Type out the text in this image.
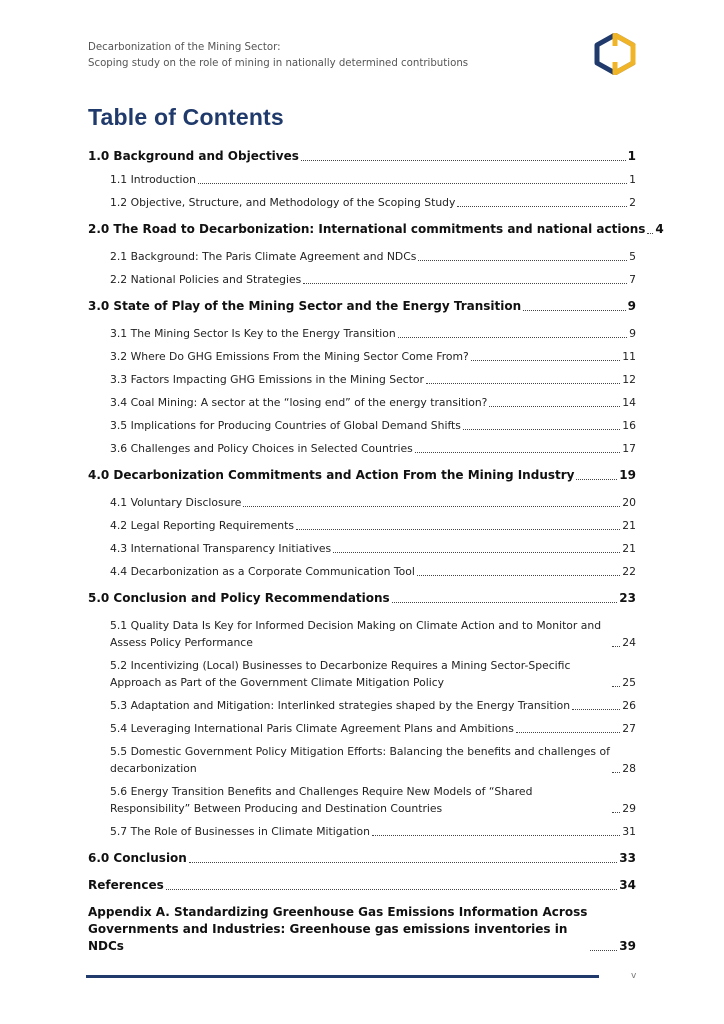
Decarbonization of the Mining Sector:
Scoping study on the role of mining in nationally determined contributions
Table of Contents
1.0 Background and Objectives	1
1.1 Introduction	1
1.2 Objective, Structure, and Methodology of the Scoping Study	2
2.0 The Road to Decarbonization: International commitments and national actions 4
2.1 Background: The Paris Climate Agreement and NDCs	5
2.2 National Policies and Strategies	7
3.0 State of Play of the Mining Sector and the Energy Transition	9
3.1 The Mining Sector Is Key to the Energy Transition	9
3.2 Where Do GHG Emissions From the Mining Sector Come From?	11
3.3 Factors Impacting GHG Emissions in the Mining Sector	12
3.4 Coal Mining: A sector at the “losing end” of the energy transition?	14
3.5 Implications for Producing Countries of Global Demand Shifts	16
3.6 Challenges and Policy Choices in Selected Countries	17
4.0 Decarbonization Commitments and Action From the Mining Industry	19
4.1 Voluntary Disclosure	20
4.2 Legal Reporting Requirements	21
4.3 International Transparency Initiatives	21
4.4 Decarbonization as a Corporate Communication Tool	22
5.0 Conclusion and Policy Recommendations	23
5.1 Quality Data Is Key for Informed Decision Making on Climate Action and to Monitor and Assess Policy Performance	24
5.2 Incentivizing (Local) Businesses to Decarbonize Requires a Mining Sector-Specific Approach as Part of the Government Climate Mitigation Policy	25
5.3 Adaptation and Mitigation: Interlinked strategies shaped by the Energy Transition	26
5.4 Leveraging International Paris Climate Agreement Plans and Ambitions	27
5.5 Domestic Government Policy Mitigation Efforts: Balancing the benefits and challenges of decarbonization	28
5.6 Energy Transition Benefits and Challenges Require New Models of “Shared Responsibility” Between Producing and Destination Countries	29
5.7 The Role of Businesses in Climate Mitigation	31
6.0 Conclusion	33
References	34
Appendix A. Standardizing Greenhouse Gas Emissions Information Across Governments and Industries: Greenhouse gas emissions inventories in NDCs	39
v
